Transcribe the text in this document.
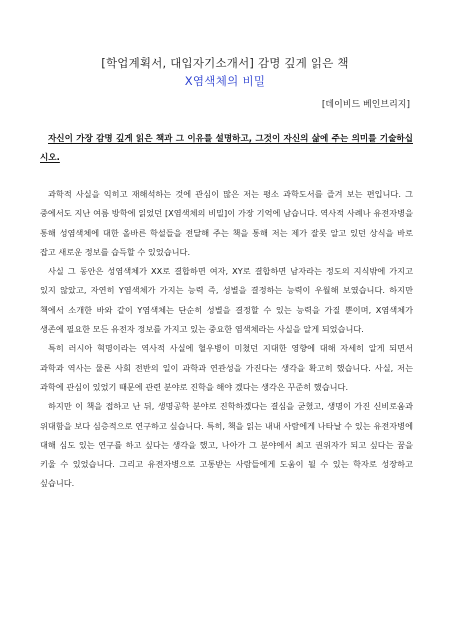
[학업계획서, 대입자기소개서] 감명 깊게 읽은 책
X염색체의 비밀
[데이비드 베인브리지]
자신이 가장 감명 깊게 읽은 책과 그 이유를 설명하고, 그것이 자신의 삶에 주는 의미를 기술하십시오.

과학적 사실을 익히고 재해석하는 것에 관심이 많은 저는 평소 과학도서를 즐겨 보는 편입니다. 그 중에서도 지난 여름 방학에 읽었던 [X염색체의 비밀]이 가장 기억에 남습니다. 역사적 사례나 유전자병을 통해 성염색체에 대한 올바른 학설들을 전달해 주는 책을 통해 저는 제가 잘못 알고 있던 상식을 바로 잡고 새로운 정보를 습득할 수 있었습니다.

사실 그 동안은 성염색체가 XX로 결합하면 여자, XY로 결합하면 남자라는 정도의 지식밖에 가지고 있지 않았고, 자연히 Y염색체가 가지는 능력 즉, 성별을 결정하는 능력이 우월해 보였습니다. 하지만 책에서 소개한 바와 같이 Y염색체는 단순히 성별을 결정할 수 있는 능력을 가질 뿐이며, X염색체가 생존에 필요한 모든 유전자 정보를 가지고 있는 중요한 염색체라는 사실을 알게 되었습니다.

특히 러시아 혁명이라는 역사적 사실에 혈우병이 미쳤던 지대한 영향에 대해 자세히 알게 되면서 과학과 역사는 물론 사회 전반의 일이 과학과 연관성을 가진다는 생각을 확고히 했습니다. 사실, 저는 과학에 관심이 있었기 때문에 관련 분야로 진학을 해야 겠다는 생각은 꾸준히 했습니다.

하지만 이 책을 접하고 난 뒤, 생명공학 분야로 진학하겠다는 결심을 굳혔고, 생명이 가진 신비로움과 위대함을 보다 심층적으로 연구하고 싶습니다. 특히, 책을 읽는 내내 사람에게 나타날 수 있는 유전자병에 대해 심도 있는 연구를 하고 싶다는 생각을 했고, 나아가 그 분야에서 최고 권위자가 되고 싶다는 꿈을 키울 수 있었습니다. 그리고 유전자병으로 고통받는 사람들에게 도움이 될 수 있는 학자로 성장하고 싶습니다.
